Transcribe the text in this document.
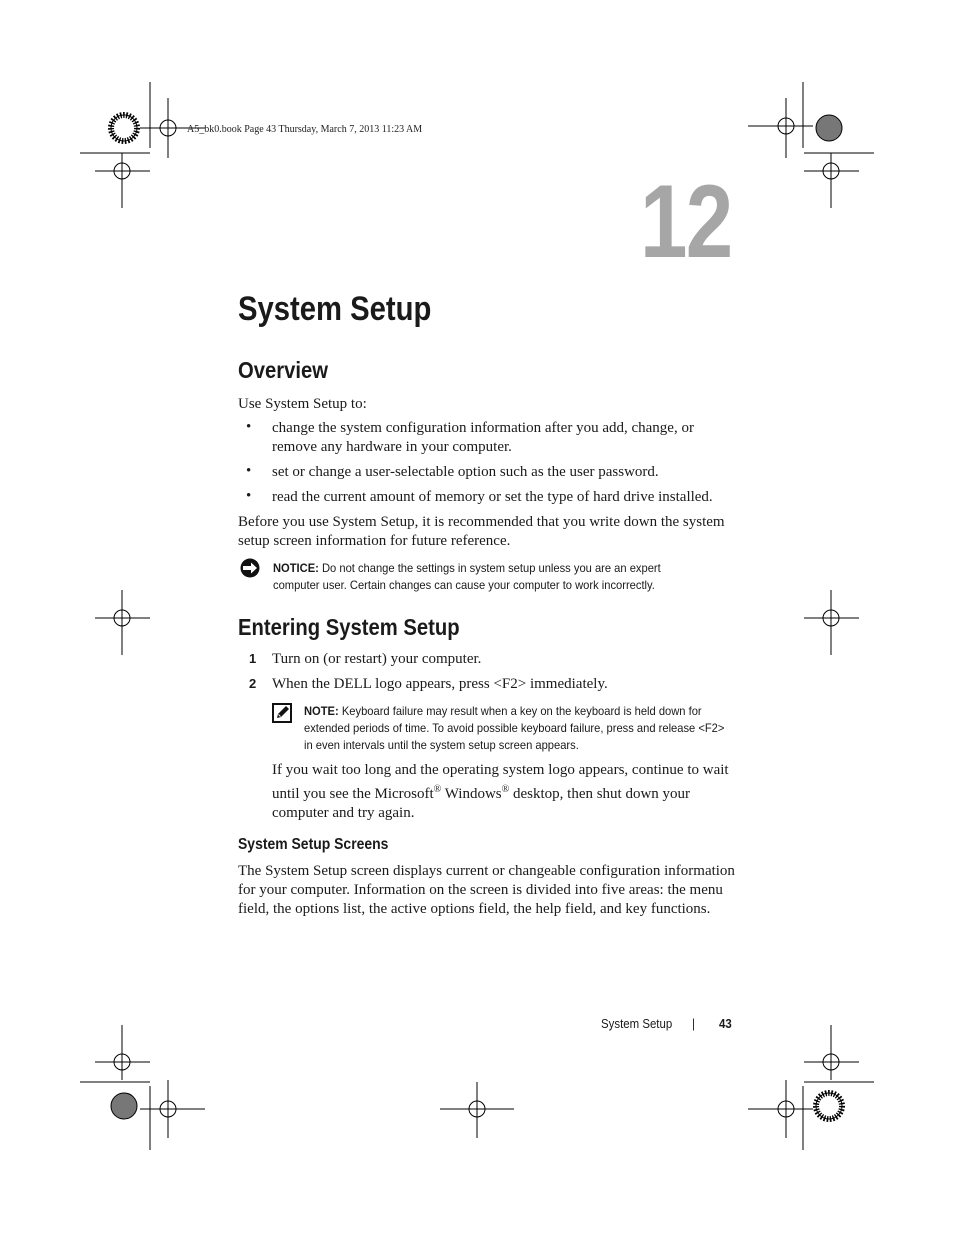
A5_bk0.book Page 43 Thursday, March 7, 2013 11:23 AM
12
System Setup
Overview
Use System Setup to:
• change the system configuration information after you add, change, or remove any hardware in your computer.
• set or change a user-selectable option such as the user password.
• read the current amount of memory or set the type of hard drive installed.
Before you use System Setup, it is recommended that you write down the system setup screen information for future reference.
NOTICE: Do not change the settings in system setup unless you are an expert computer user. Certain changes can cause your computer to work incorrectly.
Entering System Setup
1 Turn on (or restart) your computer.
2 When the DELL logo appears, press <F2> immediately.
NOTE: Keyboard failure may result when a key on the keyboard is held down for extended periods of time. To avoid possible keyboard failure, press and release <F2> in even intervals until the system setup screen appears.
If you wait too long and the operating system logo appears, continue to wait until you see the Microsoft® Windows® desktop, then shut down your computer and try again.
System Setup Screens
The System Setup screen displays current or changeable configuration information for your computer. Information on the screen is divided into five areas: the menu field, the options list, the active options field, the help field, and key functions.
System Setup | 43
